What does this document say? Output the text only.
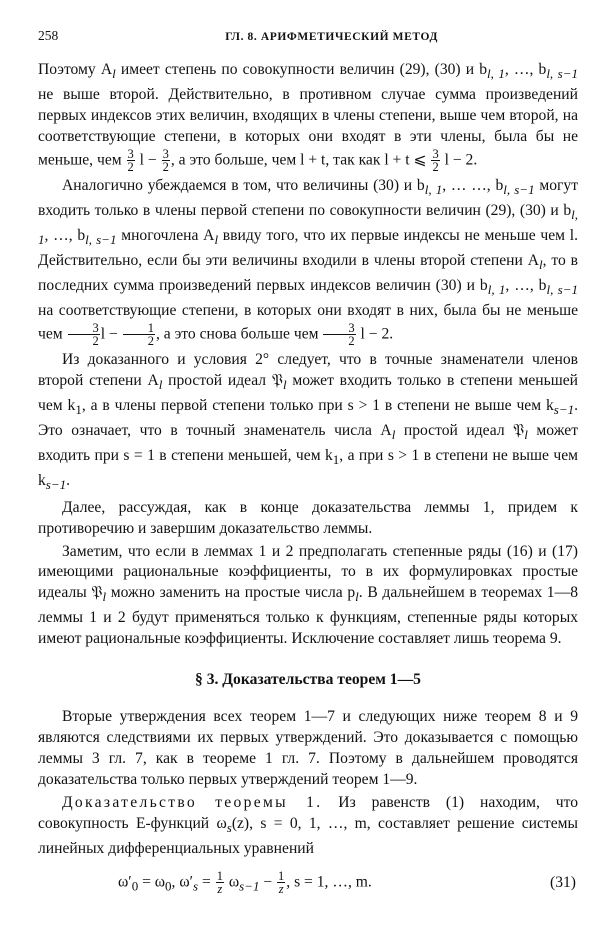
258	ГЛ. 8. АРИФМЕТИЧЕСКИЙ МЕТОД

Поэтому $A_l$ имеет степень по совокупности величин (29), (30) и $b_{l, 1}$, …, $b_{l, s-1}$ не выше второй. Действительно, в противном случае сумма произведений первых индексов этих величин, входящих в члены степени, выше чем второй, на соответствующие степени, в которых они входят в эти члены, была бы не меньше, чем $\frac{3}{2}$ $l - \frac{3}{2}$ , а это больше, чем l + t, так как l + t ⩽ $\frac{3}{2}$ l − 2.

Аналогично убеждаемся в том, что величины (30) и $b_{l, 1}$, … …, $b_{l, s-1}$ могут входить только в члены первой степени по совокупности величин (29), (30) и $b_{l, 1}$, …, $b_{l, s-1}$ многочлена $A_l$ ввиду того, что их первые индексы не меньше чем l. Действительно, если бы эти величины входили в члены второй степени $A_l$, то в последних сумма произведений первых индексов величин (30) и $b_{l, 1}$, …, $b_{l, s-1}$ на соответствующие степени, в которых они входят в них, была бы не меньше чем $\frac{3}{2}$ $l - \frac{1}{2}$ , а это снова больше чем $\frac{3}{2}$ l − 2.

Из доказанного и условия 2° следует, что в точные знаменатели членов второй степени $A_l$ простой идеал 𝔓$_l$ может входить только в степени меньшей чем $k_1$, а в члены первой степени только при s > 1 в степени не выше чем $k_{s-1}$. Это означает, что в точный знаменатель числа $A_l$ простой идеал 𝔓$_l$ может входить при s = 1 в степени меньшей, чем $k_1$, а при s > 1 в степени не выше чем $k_{s-1}$.

Далее, рассуждая, как в конце доказательства леммы 1, придем к противоречию и завершим доказательство леммы.

Заметим, что если в леммах 1 и 2 предполагать степенные ряды (16) и (17) имеющими рациональные коэффициенты, то в их формулировках простые идеалы 𝔓$_l$ можно заменить на простые числа $p_l$. В дальнейшем в теоремах 1—8 леммы 1 и 2 будут применяться только к функциям, степенные ряды которых имеют рациональные коэффициенты. Исключение составляет лишь теорема 9.

§ 3. Доказательства теорем 1—5

Вторые утверждения всех теорем 1—7 и следующих ниже теорем 8 и 9 являются следствиями их первых утверждений. Это доказывается с помощью леммы 3 гл. 7, как в теореме 1 гл. 7. Поэтому в дальнейшем проводятся доказательства только первых утверждений теорем 1—9.

Доказательство теоремы 1. Из равенств (1) находим, что совокупность E-функций $\omega_s(z)$, s = 0, 1, …, m, составляет решение системы линейных дифференциальных уравнений

$\omega'_0 = \omega_0$, $\omega'_s = \frac{1}{z} \omega_{s-1} - \frac{1}{z}$ , s = 1, …, m.	(31)
